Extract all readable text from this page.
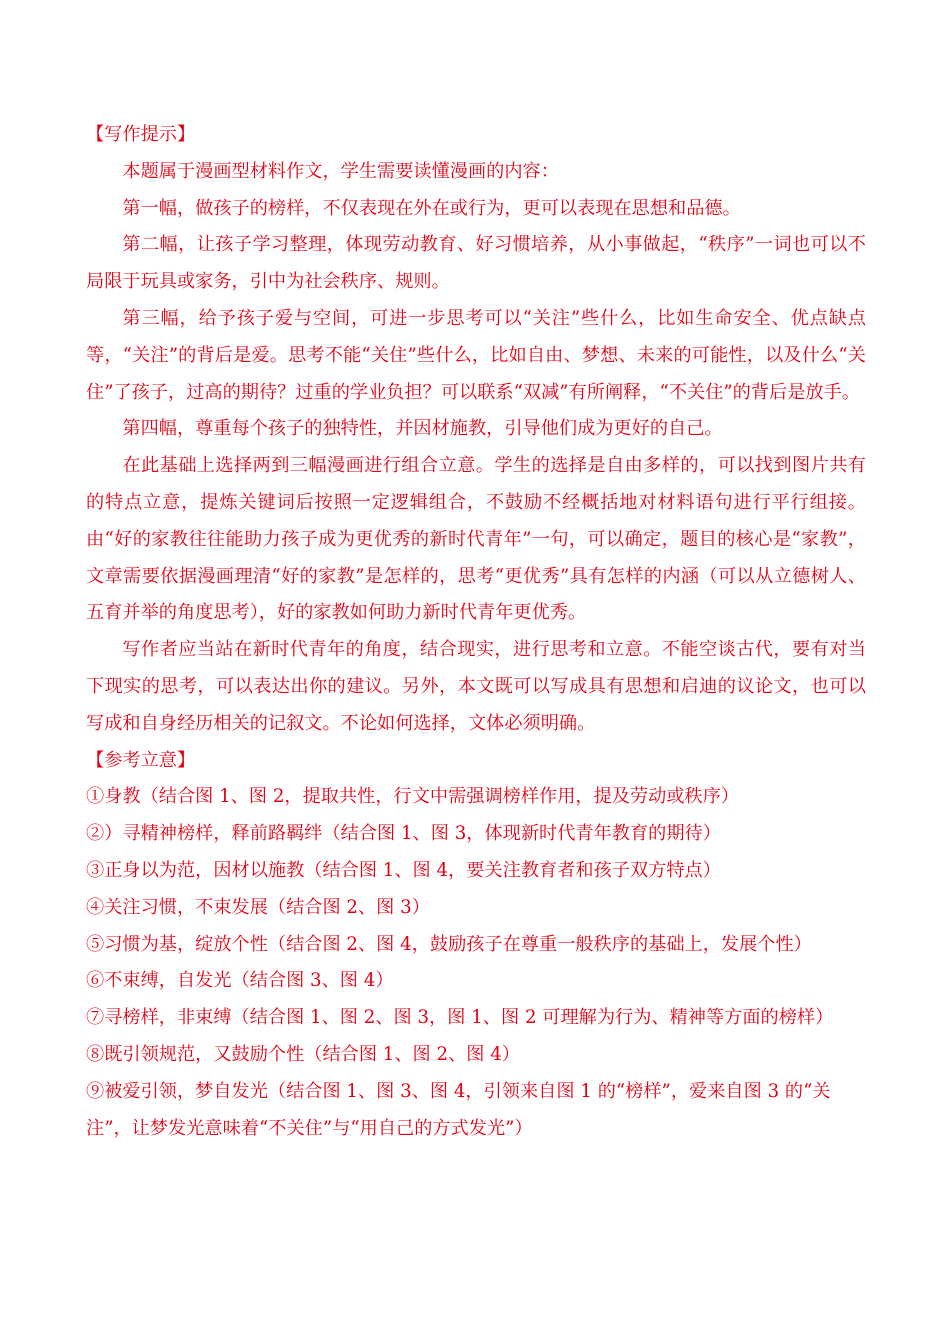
【写作提示】

本题属于漫画型材料作文，学生需要读懂漫画的内容：

第一幅，做孩子的榜样，不仅表现在外在或行为，更可以表现在思想和品德。

第二幅，让孩子学习整理，体现劳动教育、好习惯培养，从小事做起，“秩序”一词也可以不局限于玩具或家务，引中为社会秩序、规则。

第三幅，给予孩子爱与空间，可进一步思考可以“关注”些什么，比如生命安全、优点缺点等，“关注”的背后是爱。思考不能“关住”些什么，比如自由、梦想、未来的可能性，以及什么“关住”了孩子，过高的期待？过重的学业负担？可以联系“双减”有所阐释，“不关住”的背后是放手。

第四幅，尊重每个孩子的独特性，并因材施教，引导他们成为更好的自己。

在此基础上选择两到三幅漫画进行组合立意。学生的选择是自由多样的，可以找到图片共有的特点立意，提炼关键词后按照一定逻辑组合，不鼓励不经概括地对材料语句进行平行组接。由“好的家教往往能助力孩子成为更优秀的新时代青年”一句，可以确定，题目的核心是“家教”，文章需要依据漫画理清“好的家教”是怎样的，思考“更优秀”具有怎样的内涵（可以从立德树人、五育并举的角度思考），好的家教如何助力新时代青年更优秀。

写作者应当站在新时代青年的角度，结合现实，进行思考和立意。不能空谈古代，要有对当下现实的思考，可以表达出你的建议。另外，本文既可以写成具有思想和启迪的议论文，也可以写成和自身经历相关的记叙文。不论如何选择，文体必须明确。

【参考立意】

①身教（结合图 1、图 2，提取共性，行文中需强调榜样作用，提及劳动或秩序）

②）寻精神榜样，释前路羁绊（结合图 1、图 3，体现新时代青年教育的期待）

③正身以为范，因材以施教（结合图 1、图 4，要关注教育者和孩子双方特点）

④关注习惯，不束发展（结合图 2、图 3）

⑤习惯为基，绽放个性（结合图 2、图 4，鼓励孩子在尊重一般秩序的基础上，发展个性）

⑥不束缚，自发光（结合图 3、图 4）

⑦寻榜样，非束缚（结合图 1、图 2、图 3，图 1、图 2 可理解为行为、精神等方面的榜样）

⑧既引领规范，又鼓励个性（结合图 1、图 2、图 4）

⑨被爱引领，梦自发光（结合图 1、图 3、图 4，引领来自图 1 的“榜样”，爱来自图 3 的“关注”，让梦发光意味着“不关住”与“用自己的方式发光”）
